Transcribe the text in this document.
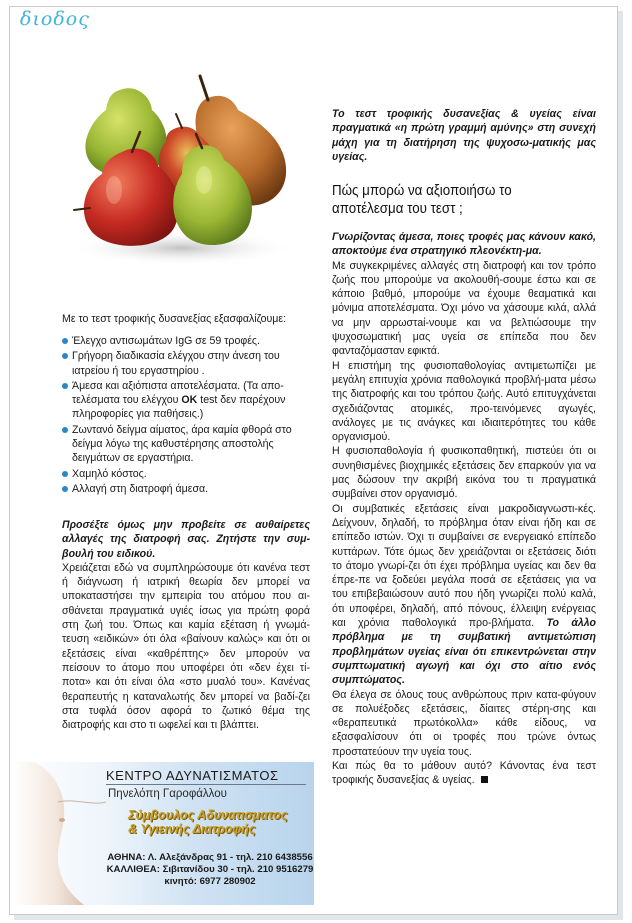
διοδος
Με το τεστ τροφικής δυσανεξίας εξασφαλίζουμε:
Έλεγχο αντισωμάτων IgG σε 59 τροφές.
Γρήγορη διαδικασία ελέγχου στην άνεση του ιατρείου ή του εργαστηρίου .
Άμεσα και αξιόπιστα αποτελέσματα. (Τα απο-τελέσματα του ελέγχου OK test δεν παρέχουν πληροφορίες για παθήσεις.)
Ζωντανό δείγμα αίματος, άρα καμία φθορά στο δείγμα λόγω της καθυστέρησης αποστολής δειγμάτων σε εργαστήρια.
Χαμηλό κόστος.
Αλλαγή στη διατροφή άμεσα.
Προσέξτε όμως μην προβείτε σε αυθαίρετες αλλαγές της διατροφή σας. Ζητήστε την συμ-βουλή του ειδικού.
Χρειάζεται εδώ να συμπληρώσουμε ότι κανένα τεστ ή διάγνωση ή ιατρική θεωρία δεν μπορεί να υποκαταστήσει την εμπειρία του ατόμου που αι-σθάνεται πραγματικά υγιές ίσως για πρώτη φορά στη ζωή του. Όπως και καμία εξέταση ή γνωμά-τευση «ειδικών» ότι όλα «βαίνουν καλώς» και ότι οι εξετάσεις είναι «καθρέπτης» δεν μπορούν να πείσουν το άτομο που υποφέρει ότι «δεν έχει τί-ποτα» και ότι είναι όλα «στο μυαλό του». Κανένας θεραπευτής η καταναλωτής δεν μπορεί να βαδί-ζει στα τυφλά όσον αφορά το ζωτικό θέμα της διατροφής και στο τι ωφελεί και τι βλάπτει.
Το τεστ τροφικής δυσανεξίας & υγείας είναι πραγματικά «η πρώτη γραμμή αμύνης» στη συνεχή μάχη για τη διατήρηση της ψυχοσω-ματικής μας υγείας.
Πώς μπορώ να αξιοποιήσω το αποτέλεσμα του τεστ ;
Γνωρίζοντας άμεσα, ποιες τροφές μας κάνουν κακό, αποκτούμε ένα στρατηγικό πλεονέκτη-μα.

Με συγκεκριμένες αλλαγές στη διατροφή και τον τρόπο ζωής που μπορούμε να ακολουθή-σουμε έστω και σε κάποιο βαθμό, μπορούμε να έχουμε θεαματικά και μόνιμα αποτελέσματα. Όχι μόνο να χάσουμε κιλά, αλλά να μην αρρωστaί-νουμε και να βελτιώσουμε την ψυχοσωματική μας υγεία σε επίπεδα που δεν φανταζόμασταν εφικτά.

Η επιστήμη της φυσιοπαθολογίας αντιμετωπίζει με μεγάλη επιτυχία χρόνια παθολογικά προβλή-ματα μέσω της διατροφής και του τρόπου ζωής. Αυτό επιτυγχάνεται σχεδιάζοντας ατομικές, προ-τεινόμενες αγωγές, ανάλογες με τις ανάγκες και ιδιαιτερότητες του κάθε οργανισμού.

Η φυσιοπαθολογία ή φυσικοπαθητική, πιστεύει ότι οι συνηθισμένες βιοχημικές εξετάσεις δεν επαρκούν για να μας δώσουν την ακριβή εικόνα του τι πραγματικά συμβαίνει στον οργανισμό.

Οι συμβατικές εξετάσεις είναι μακροδιαγνωστι-κές. Δείχνουν, δηλαδή, το πρόβλημα όταν είναι ήδη και σε επίπεδο ιστών. Όχι τι συμβαίνει σε ενεργειακό επίπεδο κυττάρων. Τότε όμως δεν χρειάζονται οι εξετάσεις διότι το άτομο γνωρί-ζει ότι έχει πρόβλημα υγείας και δεν θα έπρε-πε να ξοδεύει μεγάλα ποσά σε εξετάσεις για να του επιβεβαιώσουν αυτό που ήδη γνωρίζει πολύ καλά, ότι υποφέρει, δηλαδή, από πόνους, έλλειψη ενέργειας και χρόνια παθολογικά προ-βλήματα. Το άλλο πρόβλημα με τη συμβατική αντιμετώπιση προβλημάτων υγείας είναι ότι επικεντρώνεται στην συμπτωματική αγωγή και όχι στο αίτιο ενός συμπτώματος.

Θα έλεγα σε όλους τους ανθρώπους πριν κατα-φύγουν σε πολυέξοδες εξετάσεις, δίαιτες στέρη-σης και «θεραπευτικά πρωτόκολλα» κάθε είδους, να εξασφαλίσουν ότι οι τροφές που τρώνε όντως προστατεύουν την υγεία τους.

Και πώς θα το μάθουν αυτό? Κάνοντας ένα τεστ τροφικής δυσανεξίας & υγείας.

ΚΕΝΤΡΟ ΑΔΥΝΑΤΙΣΜΑΤΟΣ
Πηνελόπη Γαροφάλλου
Σύμβουλος Αδυνατισματος
& Υγιεινής Διατροφής
ΑΘΗΝΑ: Λ. Αλεξάνδρας 91 - τηλ. 210 6438556
ΚΑΛΛΙΘΕΑ: Σιβιτανίδου 30 - τηλ. 210 9516279
κινητό: 6977 280902
